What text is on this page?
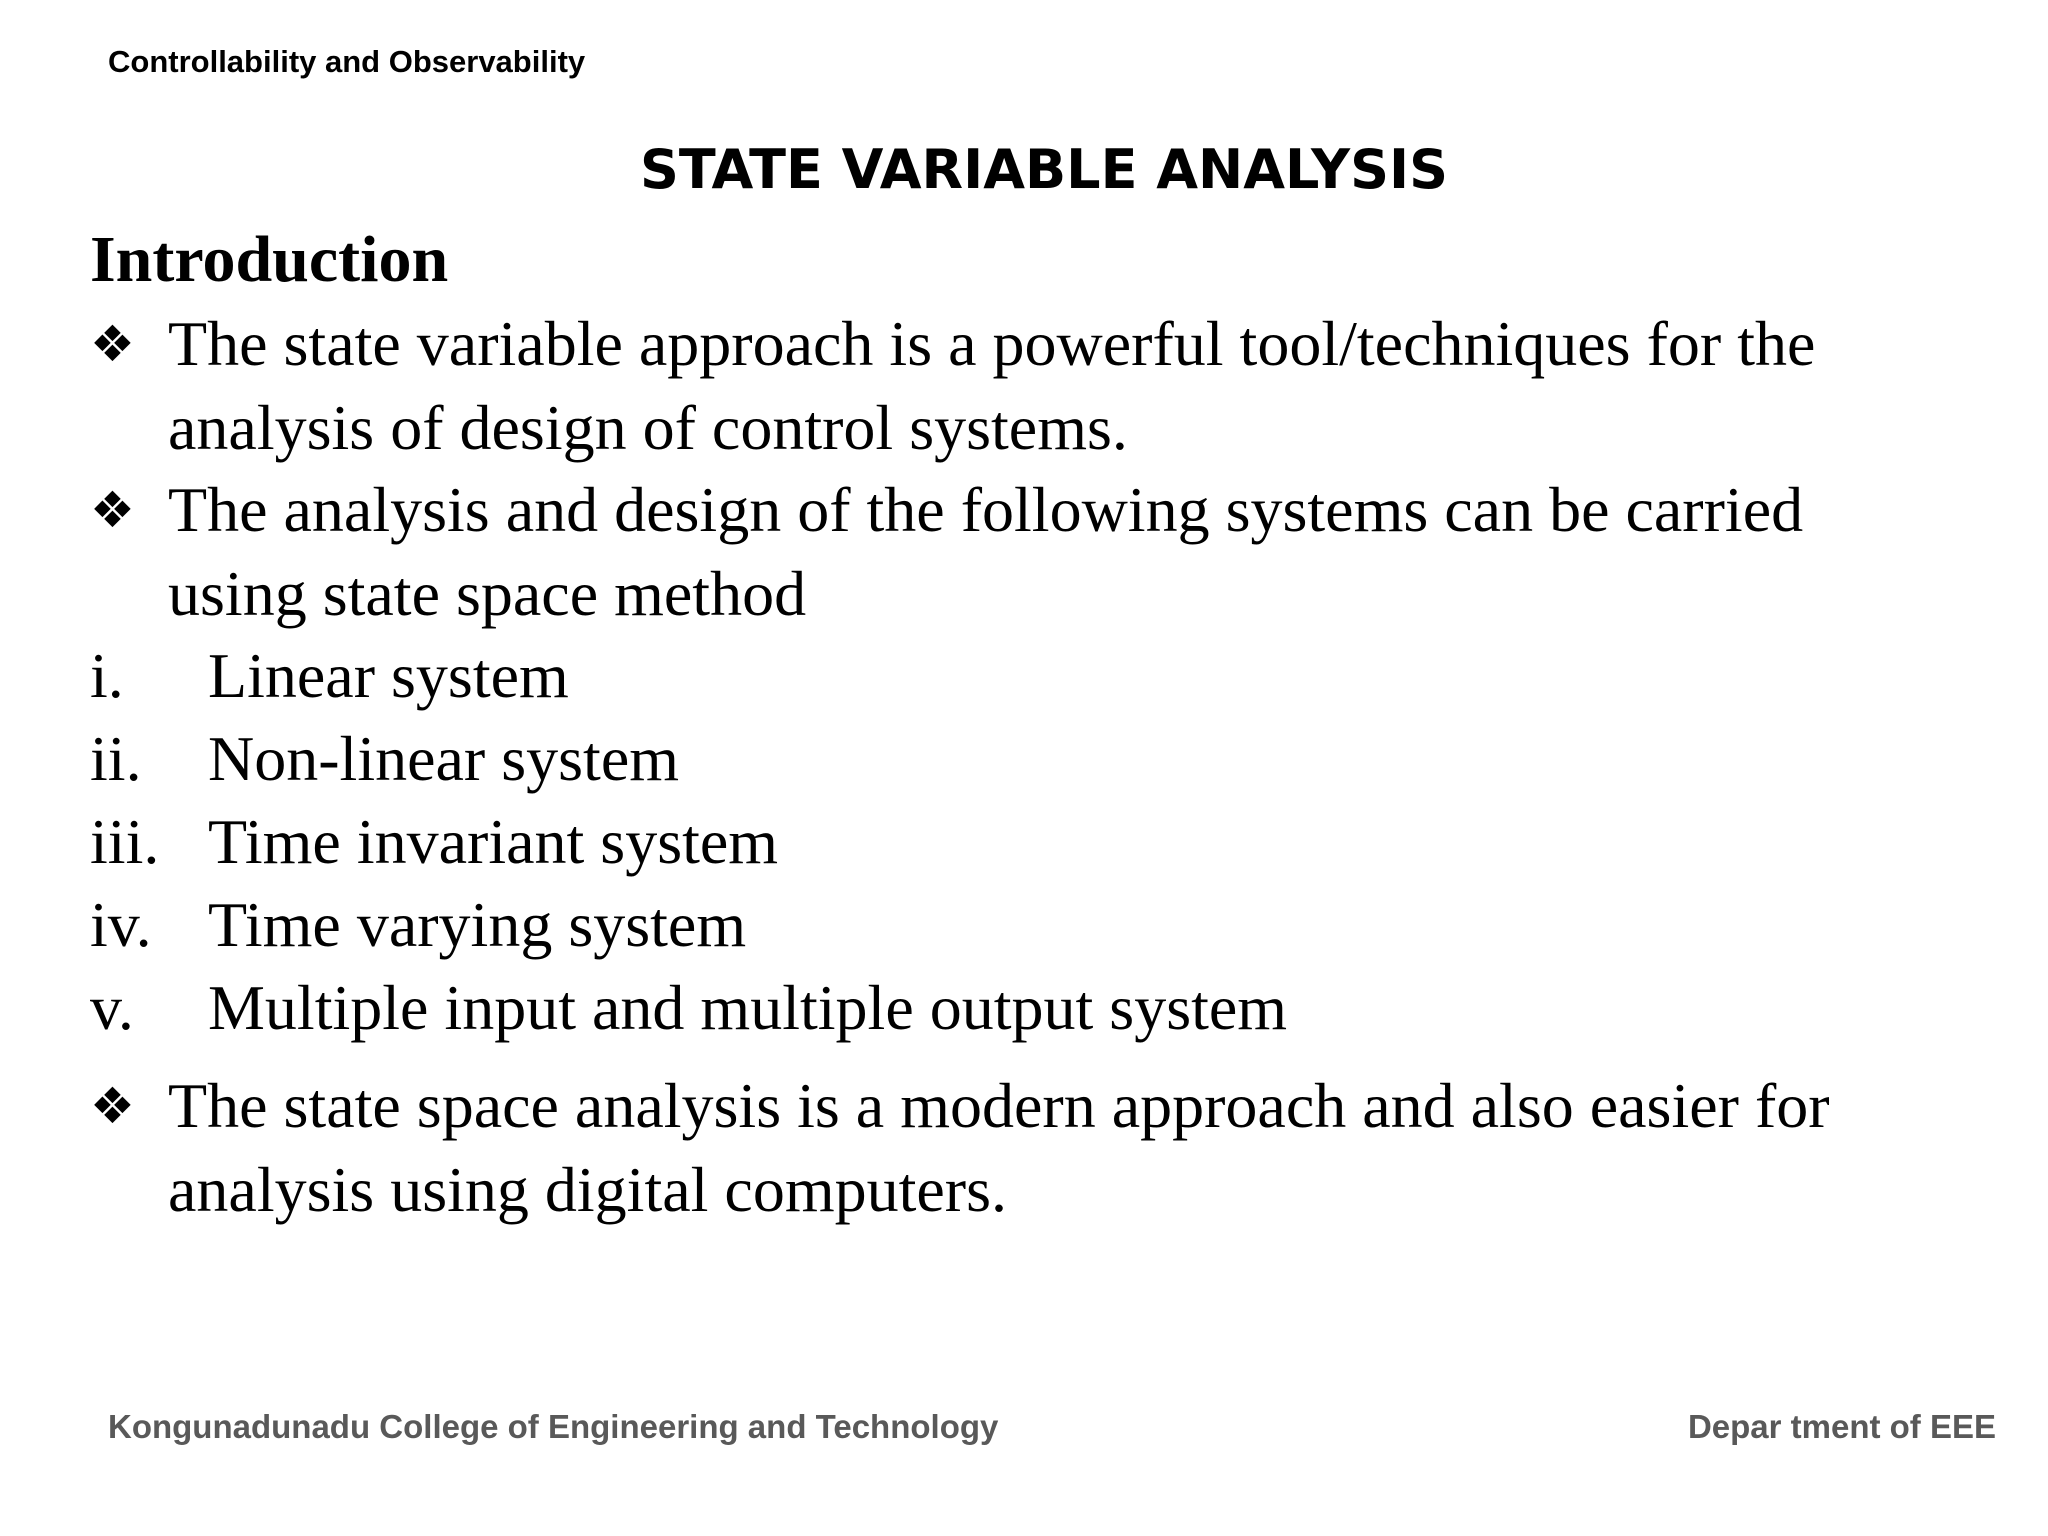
Controllability and Observability
STATE VARIABLE ANALYSIS
Introduction
❖ The state variable approach is a powerful tool/techniques for the
analysis of design of control systems.
❖ The analysis and design of the following systems can be carried
using state space method
i. Linear system
ii. Non-linear system
iii. Time invariant system
iv. Time varying system
v. Multiple input and multiple output system
❖ The state space analysis is a modern approach and also easier for
analysis using digital computers.
Kongunadunadu College of Engineering and Technology	Depar tment of EEE
